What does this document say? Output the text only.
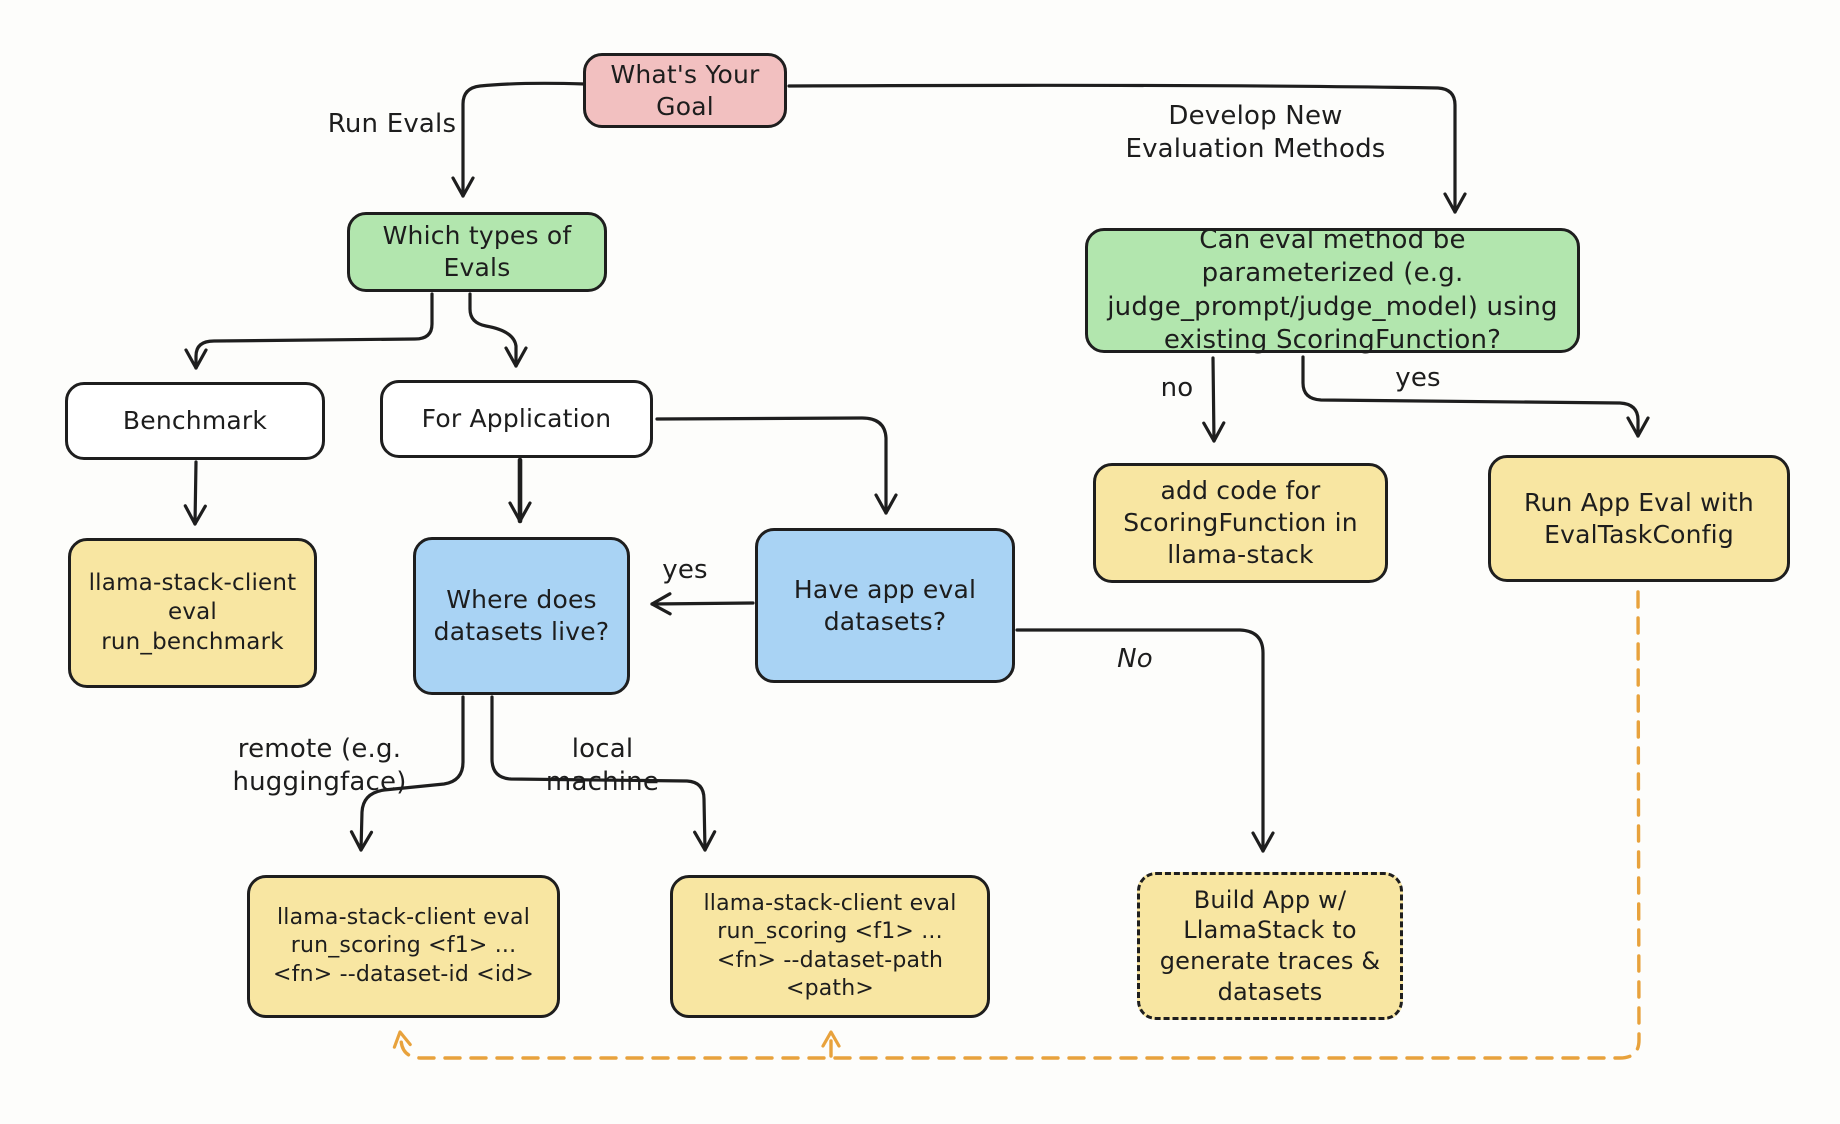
What's Your Goal
Which types of Evals
Can eval method be parameterized (e.g. judge_prompt/judge_model) using existing ScoringFunction?
Benchmark	For Application
llama-stack-client eval run_benchmark
Where does datasets live?
Have app eval datasets?
add code for ScoringFunction in llama-stack
Run App Eval with EvalTaskConfig
llama-stack-client eval run_scoring <f1> ... <fn> --dataset-id <id>
llama-stack-client eval run_scoring <f1> ... <fn> --dataset-path <path>
Build App w/ LlamaStack to generate traces & datasets
Run Evals	Develop New Evaluation Methods
yes
no	yes
No
remote (e.g. huggingface)
local machine
